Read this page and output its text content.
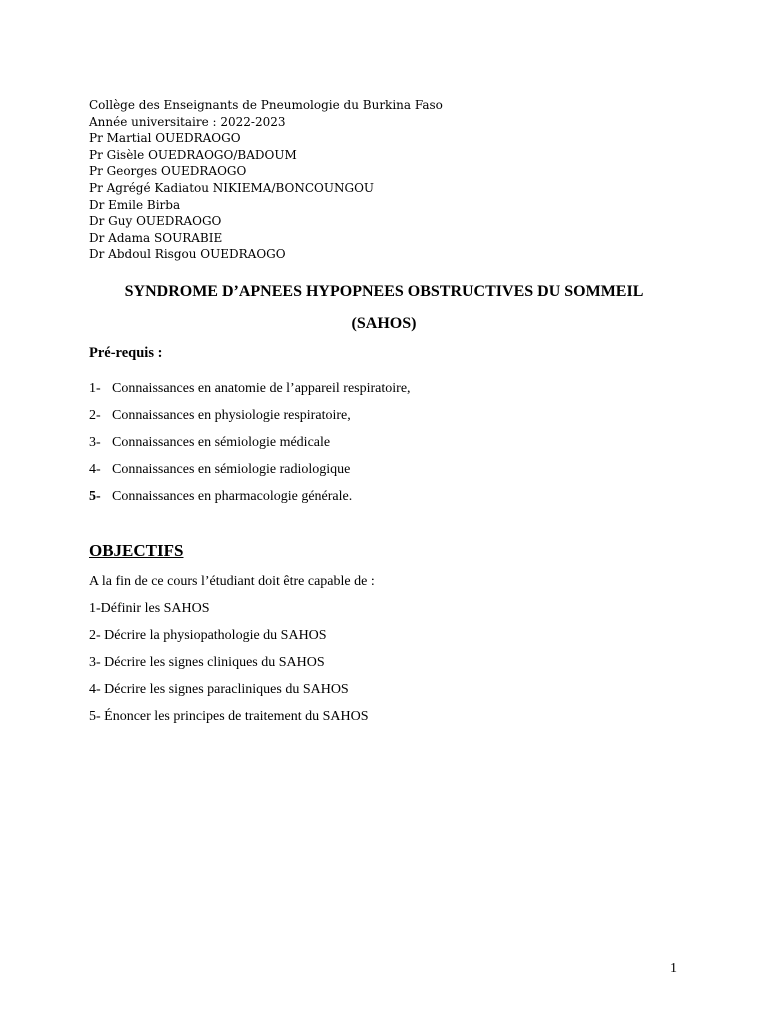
Collège des Enseignants de Pneumologie du Burkina Faso
Année universitaire : 2022-2023
Pr Martial OUEDRAOGO
Pr Gisèle OUEDRAOGO/BADOUM
Pr Georges OUEDRAOGO
Pr Agrégé Kadiatou NIKIEMA/BONCOUNGOU
Dr Emile Birba
Dr Guy OUEDRAOGO
Dr Adama SOURABIE
Dr Abdoul Risgou OUEDRAOGO
SYNDROME D’APNEES HYPOPNEES OBSTRUCTIVES DU SOMMEIL
(SAHOS)
Pré-requis :
1- Connaissances en anatomie de l’appareil respiratoire,
2- Connaissances en physiologie respiratoire,
3- Connaissances en sémiologie médicale
4- Connaissances en sémiologie radiologique
5- Connaissances en pharmacologie générale.
OBJECTIFS
A la fin de ce cours l’étudiant doit être capable de :
1-Définir les SAHOS
2- Décrire la physiopathologie du SAHOS
3- Décrire les signes cliniques du SAHOS
4- Décrire les signes paracliniques du SAHOS
5- Énoncer les principes de traitement du SAHOS
1
